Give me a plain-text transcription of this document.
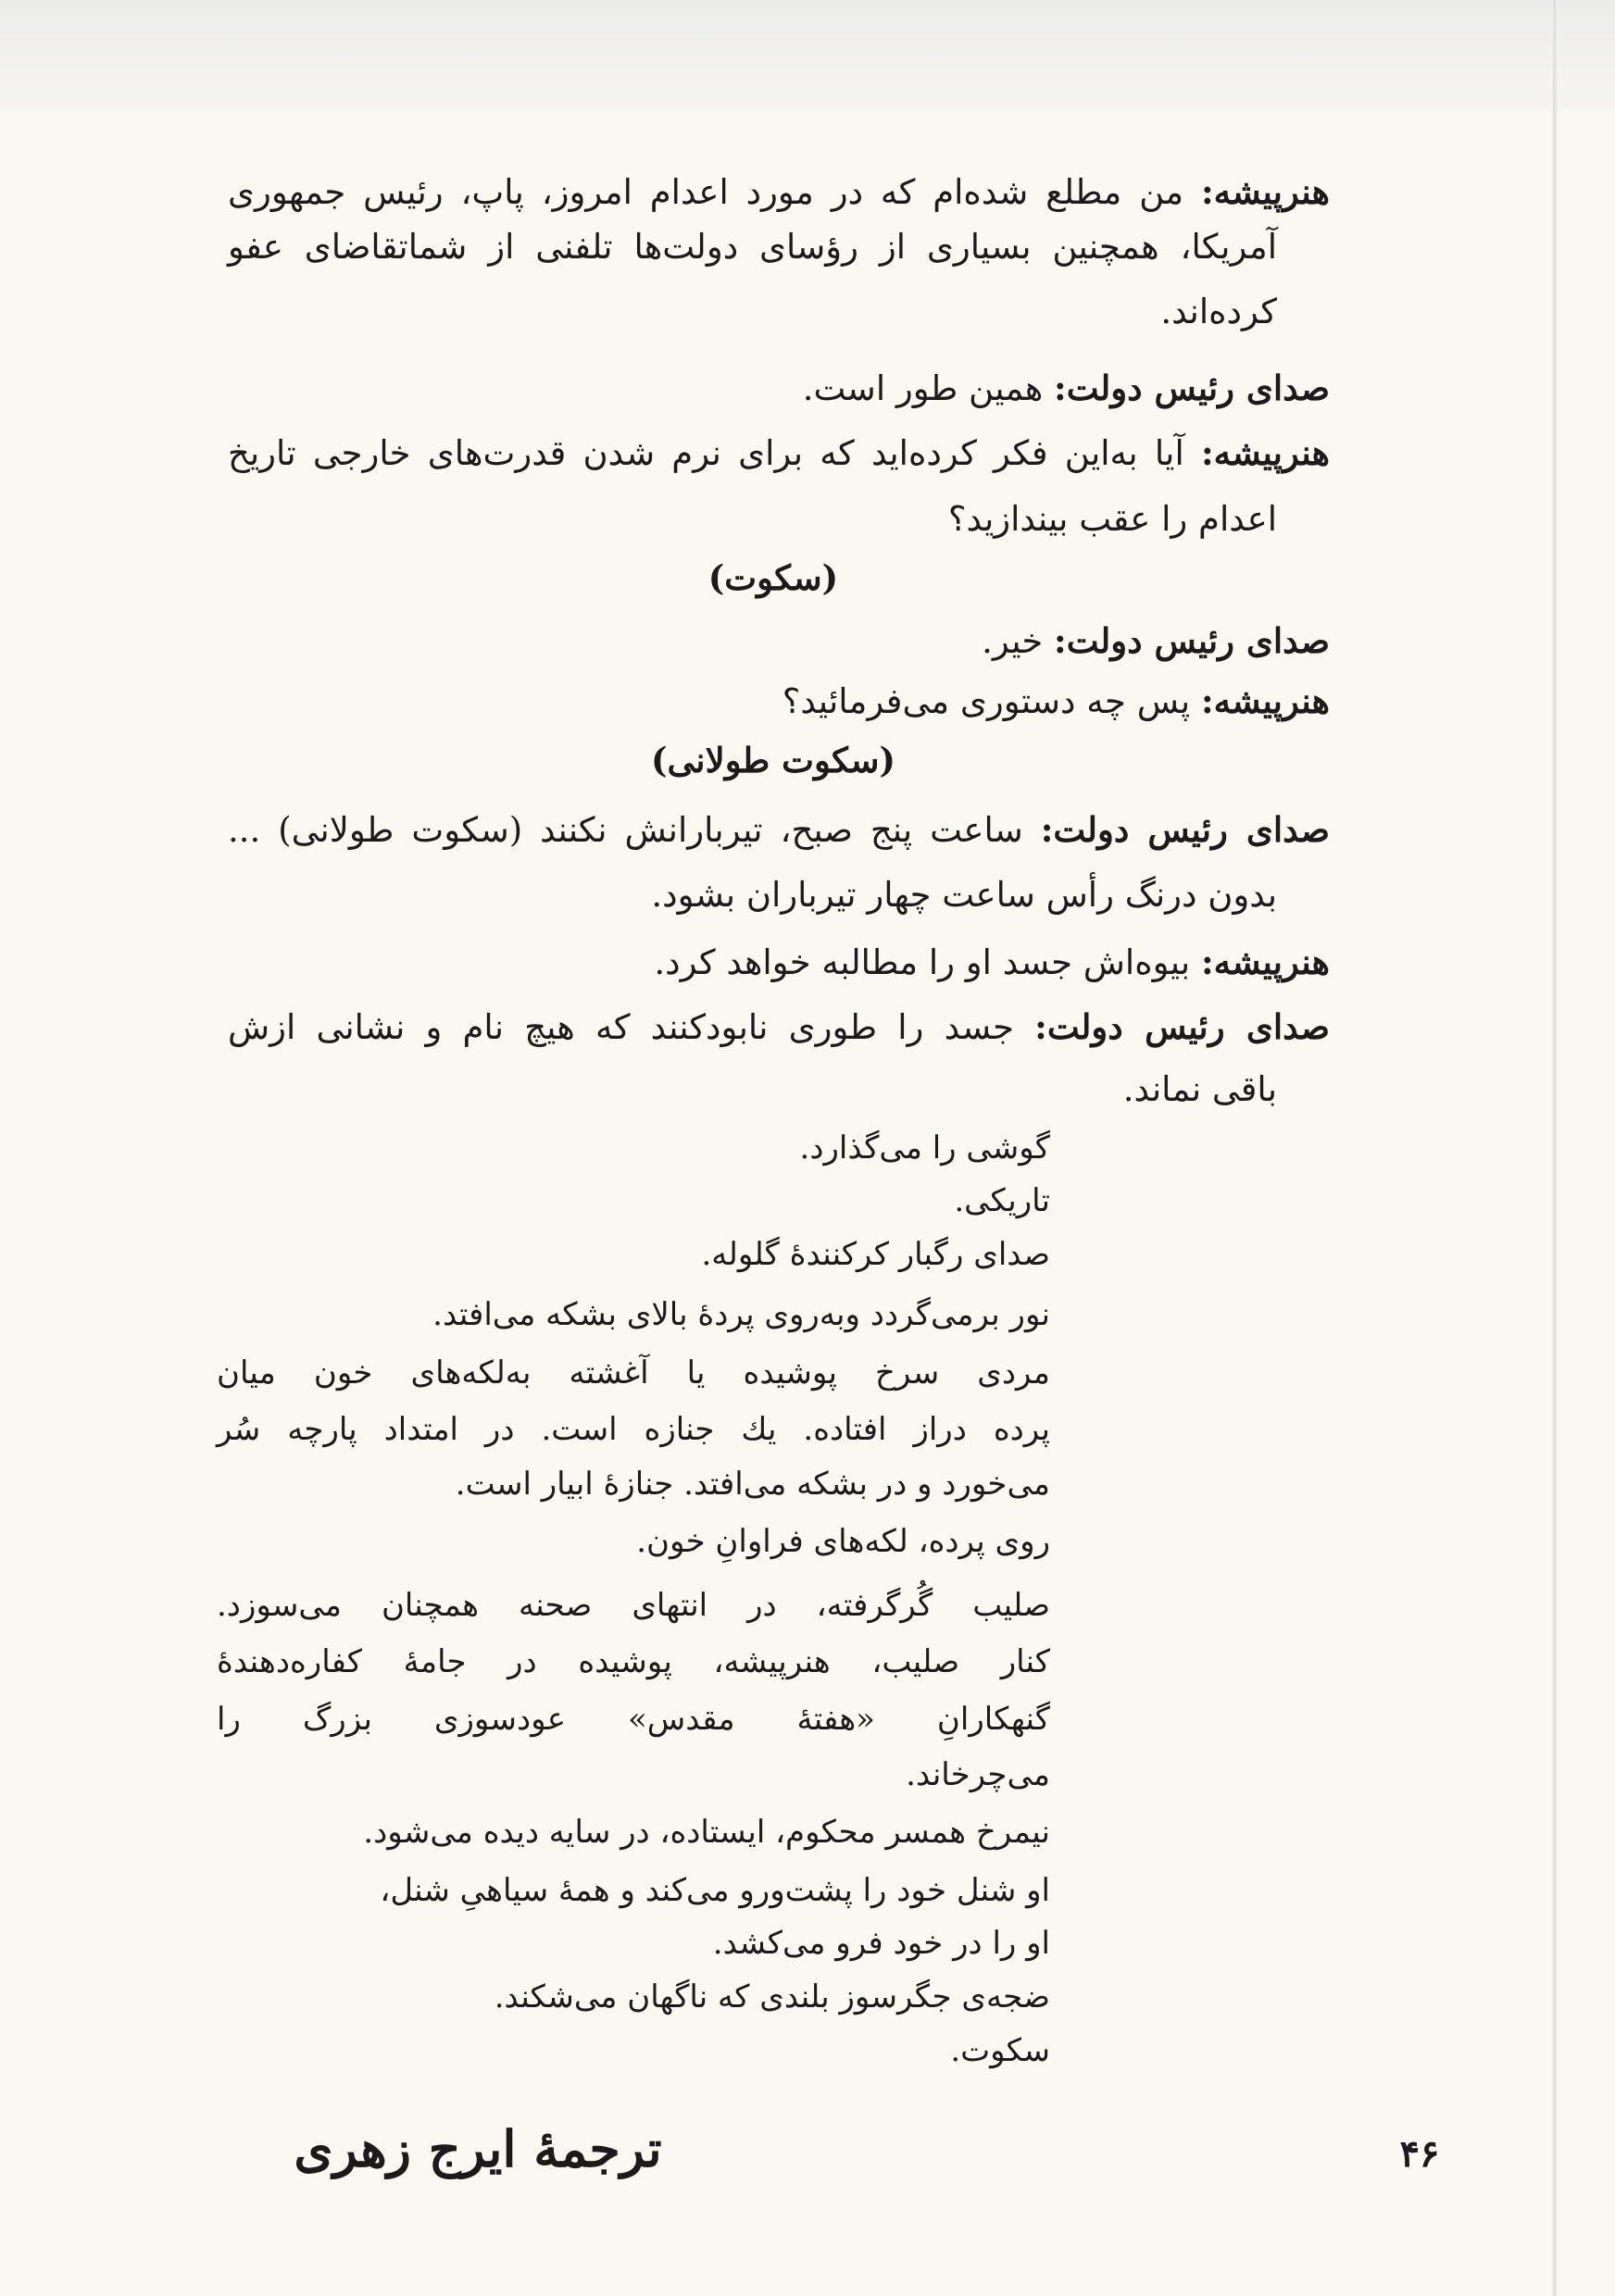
هنرپیشه: من مطلع شده‌ام که در مورد اعدام امروز، پاپ، رئیس جمهوری

آمریکا، همچنین بسیاری از رؤسای دولت‌ها تلفنی از شماتقاضای عفو

کرده‌اند.

صدای رئیس دولت: همین طور است.

هنرپیشه: آیا به‌این فکر کرده‌اید که برای نرم شدن قدرت‌های خارجی تاریخ

اعدام را عقب بیندازید؟

(سکوت)

صدای رئیس دولت: خیر.

هنرپیشه: پس چه دستوری می‌فرمائید؟

(سکوت طولانی)

صدای رئیس دولت: ساعت پنج صبح، تیربارانش نکنند (سکوت طولانی) ...

بدون درنگ رأس ساعت چهار تیرباران بشود.

هنرپیشه: بیوه‌اش جسد او را مطالبه خواهد کرد.

صدای رئیس دولت: جسد را طوری نابودکنند که هیچ نام و نشانی ازش

باقی نماند.

گوشی را می‌گذارد.

تاریکی.

صدای رگبار کرکنندهٔ گلوله.

نور برمی‌گردد وبه‌روی پردهٔ بالای بشکه می‌افتد.

مردی سرخ پوشیده یا آغشته به‌لکه‌های خون میان

پرده دراز افتاده. یك جنازه است. در امتداد پارچه سُر

می‌خورد و در بشکه می‌افتد. جنازهٔ ابیار است.

روی پرده، لکه‌های فراوانِ خون.

صلیب گُرگرفته، در انتهای صحنه همچنان می‌سوزد.

کنار صلیب، هنرپیشه، پوشیده در جامهٔ کفاره‌دهندهٔ

گنهکارانِ «هفتهٔ مقدس» عودسوزی بزرگ را

می‌چرخاند.

نیمرخ همسر محکوم، ایستاده، در سایه دیده می‌شود.

او شنل خود را پشت‌ورو می‌کند و همهٔ سیاهیِ شنل،

او را در خود فرو می‌کشد.

ضجه‌ی جگرسوز بلندی که ناگهان می‌شکند.

سکوت.

ترجمهٔ ایرج زهری	۴۶
